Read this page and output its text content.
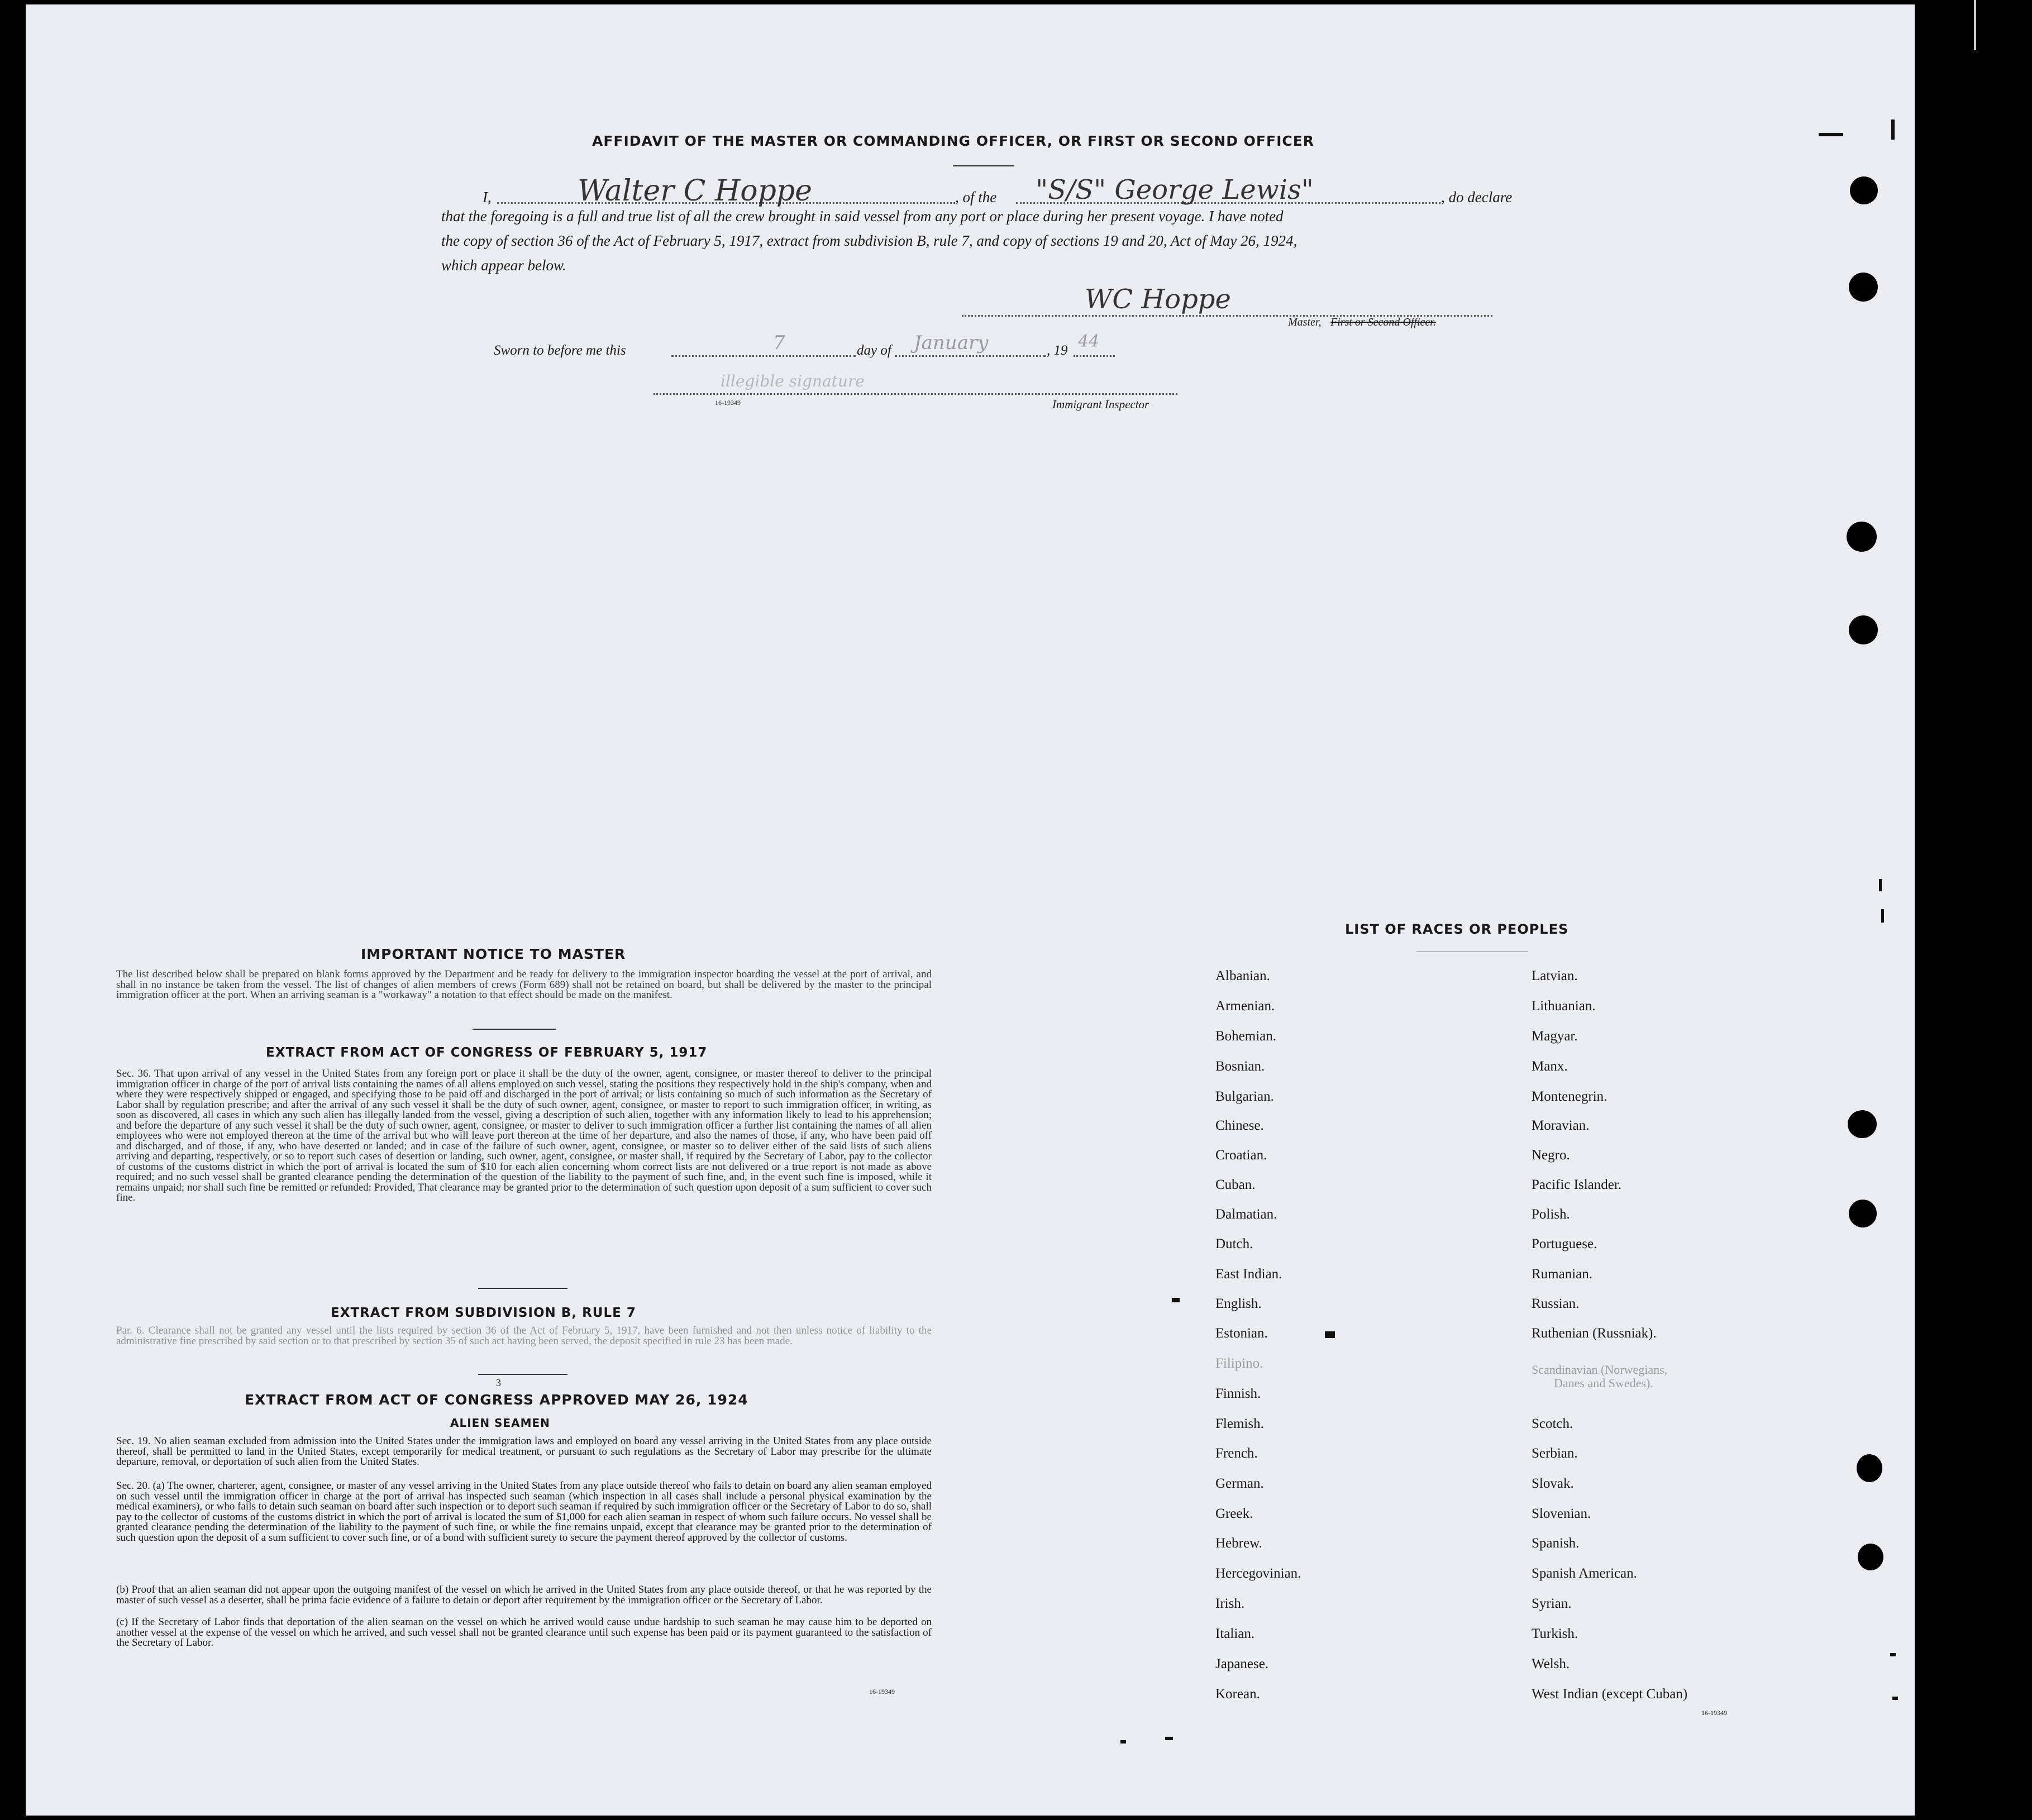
AFFIDAVIT OF THE MASTER OR COMMANDING OFFICER, OR FIRST OR SECOND OFFICER
I,	Walter C Hoppe	, of the "S/S" George Lewis"	, do declare
that the foregoing is a full and true list of all the crew brought in said vessel from any port or place during her present voyage. I have noted
the copy of section 36 of the Act of February 5, 1917, extract from subdivision B, rule 7, and copy of sections 19 and 20, Act of May 26, 1924,
which appear below.
WC Hoppe
Master, First or Second Officer.
Sworn to before me this	7	day of January	, 19 44
illegible signature
16-19349	Immigrant Inspector
IMPORTANT NOTICE TO MASTER
The list described below shall be prepared on blank forms approved by the Department and be ready for delivery to the immigration inspector boarding the vessel at the port of arrival, and shall in no instance be taken from the vessel. The list of changes of alien members of crews (Form 689) shall not be retained on board, but shall be delivered by the master to the principal immigration officer at the port. When an arriving seaman is a "workaway" a notation to that effect should be made on the manifest.
EXTRACT FROM ACT OF CONGRESS OF FEBRUARY 5, 1917
Sec. 36. That upon arrival of any vessel in the United States from any foreign port or place it shall be the duty of the owner, agent, consignee, or master thereof to deliver to the principal immigration officer in charge of the port of arrival lists containing the names of all aliens employed on such vessel, stating the positions they respectively hold in the ship's company, when and where they were respectively shipped or engaged, and specifying those to be paid off and discharged in the port of arrival; or lists containing so much of such information as the Secretary of Labor shall by regulation prescribe; and after the arrival of any such vessel it shall be the duty of such owner, agent, consignee, or master to report to such immigration officer, in writing, as soon as discovered, all cases in which any such alien has illegally landed from the vessel, giving a description of such alien, together with any information likely to lead to his apprehension; and before the departure of any such vessel it shall be the duty of such owner, agent, consignee, or master to deliver to such immigration officer a further list containing the names of all alien employees who were not employed thereon at the time of the arrival but who will leave port thereon at the time of her departure, and also the names of those, if any, who have been paid off and discharged, and of those, if any, who have deserted or landed; and in case of the failure of such owner, agent, consignee, or master so to deliver either of the said lists of such aliens arriving and departing, respectively, or so to report such cases of desertion or landing, such owner, agent, consignee, or master shall, if required by the Secretary of Labor, pay to the collector of customs of the customs district in which the port of arrival is located the sum of $10 for each alien concerning whom correct lists are not delivered or a true report is not made as above required; and no such vessel shall be granted clearance pending the determination of the question of the liability to the payment of such fine, and, in the event such fine is imposed, while it remains unpaid; nor shall such fine be remitted or refunded: Provided, That clearance may be granted prior to the determination of such question upon deposit of a sum sufficient to cover such fine.
EXTRACT FROM SUBDIVISION B, RULE 7
Par. 6. Clearance shall not be granted any vessel until the lists required by section 36 of the Act of February 5, 1917, have been furnished and not then unless notice of liability to the administrative fine prescribed by said section or to that prescribed by section 35 of such act having been served, the deposit specified in rule 23 has been made.
3
EXTRACT FROM ACT OF CONGRESS APPROVED MAY 26, 1924
ALIEN SEAMEN
Sec. 19. No alien seaman excluded from admission into the United States under the immigration laws and employed on board any vessel arriving in the United States from any place outside thereof, shall be permitted to land in the United States, except temporarily for medical treatment, or pursuant to such regulations as the Secretary of Labor may prescribe for the ultimate departure, removal, or deportation of such alien from the United States.
Sec. 20. (a) The owner, charterer, agent, consignee, or master of any vessel arriving in the United States from any place outside thereof who fails to detain on board any alien seaman employed on such vessel until the immigration officer in charge at the port of arrival has inspected such seaman (which inspection in all cases shall include a personal physical examination by the medical examiners), or who fails to detain such seaman on board after such inspection or to deport such seaman if required by such immigration officer or the Secretary of Labor to do so, shall pay to the collector of customs of the customs district in which the port of arrival is located the sum of $1,000 for each alien seaman in respect of whom such failure occurs. No vessel shall be granted clearance pending the determination of the liability to the payment of such fine, or while the fine remains unpaid, except that clearance may be granted prior to the determination of such question upon the deposit of a sum sufficient to cover such fine, or of a bond with sufficient surety to secure the payment thereof approved by the collector of customs.
(b) Proof that an alien seaman did not appear upon the outgoing manifest of the vessel on which he arrived in the United States from any place outside thereof, or that he was reported by the master of such vessel as a deserter, shall be prima facie evidence of a failure to detain or deport after requirement by the immigration officer or the Secretary of Labor.
(c) If the Secretary of Labor finds that deportation of the alien seaman on the vessel on which he arrived would cause undue hardship to such seaman he may cause him to be deported on another vessel at the expense of the vessel on which he arrived, and such vessel shall not be granted clearance until such expense has been paid or its payment guaranteed to the satisfaction of the Secretary of Labor.
16-19349
LIST OF RACES OR PEOPLES
Albanian.
Armenian.
Bohemian.
Bosnian.
Bulgarian.
Chinese.
Croatian.
Cuban.
Dalmatian.
Dutch.
East Indian.
English.
Estonian.
Filipino.
Finnish.
Flemish.
French.
German.
Greek.
Hebrew.
Hercegovinian.
Irish.
Italian.
Japanese.
Korean.
Latvian.
Lithuanian.
Magyar.
Manx.
Montenegrin.
Moravian.
Negro.
Pacific Islander.
Polish.
Portuguese.
Rumanian.
Russian.
Ruthenian (Russniak).
Scandinavian (Norwegians,
Danes and Swedes).
Scotch.
Serbian.
Slovak.
Slovenian.
Spanish.
Spanish American.
Syrian.
Turkish.
Welsh.
West Indian (except Cuban)
16-19349
